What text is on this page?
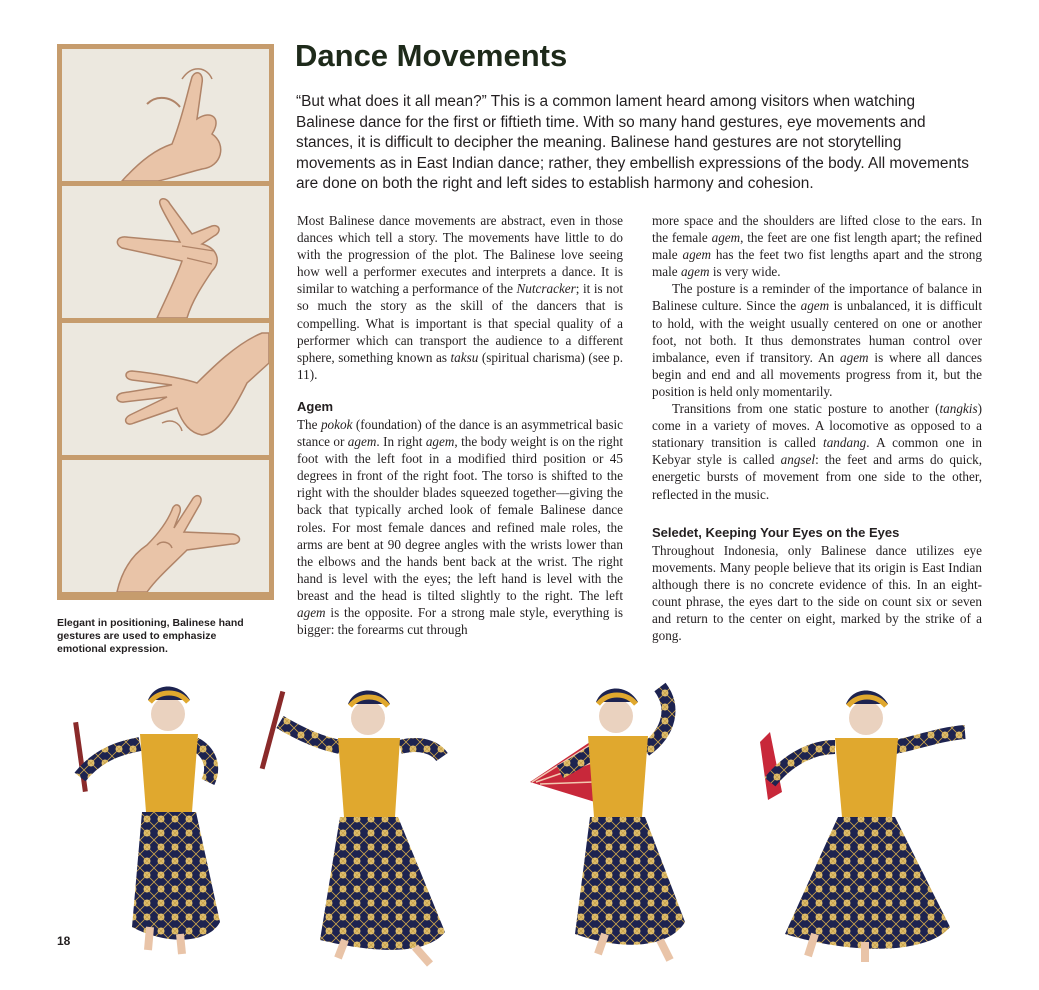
Elegant in positioning, Balinese hand gestures are used to emphasize emotional expression.
Dance Movements

“But what does it all mean?” This is a common lament heard among visitors when watching Balinese dance for the first or fiftieth time. With so many hand gestures, eye movements and stances, it is difficult to decipher the meaning. Balinese hand gestures are not storytelling movements as in East Indian dance; rather, they embellish expressions of the body. All movements are done on both the right and left sides to establish harmony and cohesion.

Most Balinese dance movements are abstract, even in those dances which tell a story. The movements have little to do with the progression of the plot. The Balinese love seeing how well a performer executes and interprets a dance. It is similar to watching a performance of the Nutcracker; it is not so much the story as the skill of the dancers that is compelling. What is important is that special quality of a performer which can transport the audience to a different sphere, something known as taksu (spiritual charisma) (see p. 11).

Agem

The pokok (foundation) of the dance is an asymmetrical basic stance or agem. In right agem, the body weight is on the right foot with the left foot in a modified third position or 45 degrees in front of the right foot. The torso is shifted to the right with the shoulder blades squeezed together—giving the back that typically arched look of female Balinese dance roles. For most female dances and refined male roles, the arms are bent at 90 degree angles with the wrists lower than the elbows and the hands bent back at the wrist. The right hand is level with the eyes; the left hand is level with the breast and the head is tilted slightly to the right. The left agem is the opposite. For a strong male style, everything is bigger: the forearms cut through

more space and the shoulders are lifted close to the ears. In the female agem, the feet are one fist length apart; the refined male agem has the feet two fist lengths apart and the strong male agem is very wide.

The posture is a reminder of the importance of balance in Balinese culture. Since the agem is unbalanced, it is difficult to hold, with the weight usually centered on one or another foot, not both. It thus demonstrates human control over imbalance, even if transitory. An agem is where all dances begin and end and all movements progress from it, but the position is held only momentarily.

Transitions from one static posture to another (tangkis) come in a variety of moves. A locomotive as opposed to a stationary transition is called tandang. A common one in Kebyar style is called angsel: the feet and arms do quick, energetic bursts of movement from one side to the other, reflected in the music.

Seledet, Keeping Your Eyes on the Eyes

Throughout Indonesia, only Balinese dance utilizes eye movements. Many people believe that its origin is East Indian although there is no concrete evidence of this. In an eight-count phrase, the eyes dart to the side on count six or seven and return to the center on eight, marked by the strike of a gong.

18
